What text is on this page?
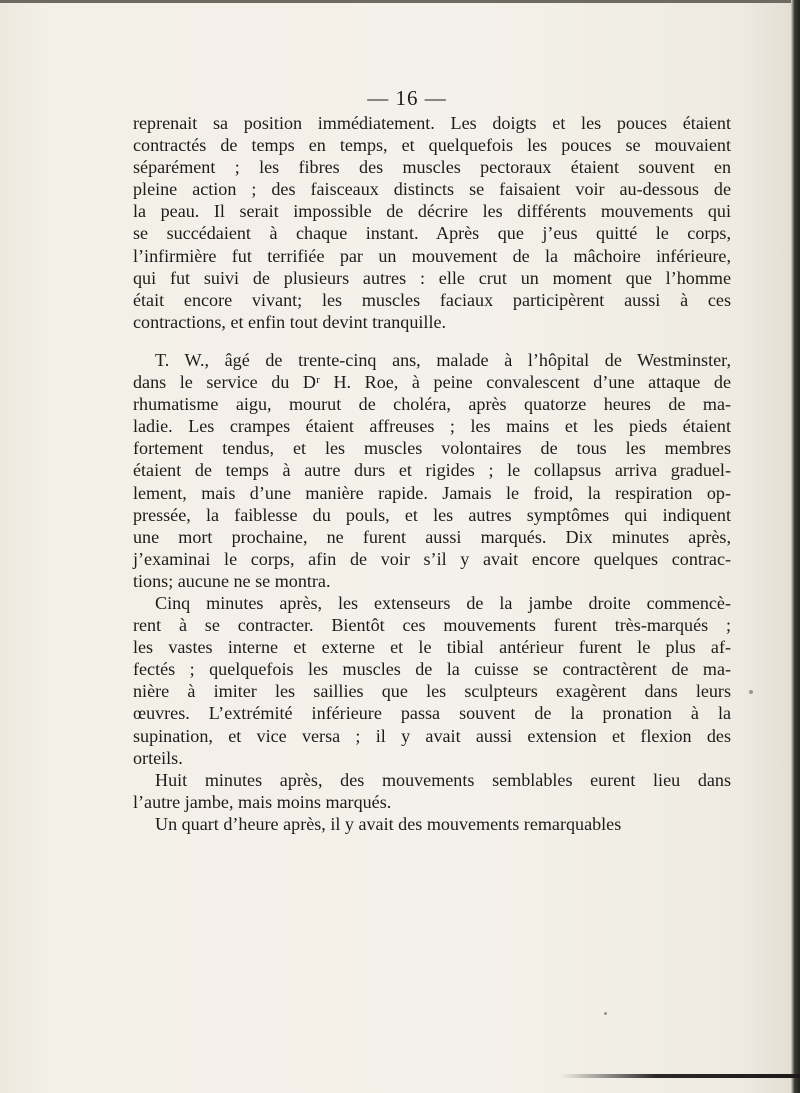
— 16 —
reprenait sa position immédiatement. Les doigts et les pouces étaient
contractés de temps en temps, et quelquefois les pouces se mouvaient
séparément ; les fibres des muscles pectoraux étaient souvent en
pleine action ; des faisceaux distincts se faisaient voir au-dessous de
la peau. Il serait impossible de décrire les différents mouvements qui
se succédaient à chaque instant. Après que j’eus quitté le corps,
l’infirmière fut terrifiée par un mouvement de la mâchoire inférieure,
qui fut suivi de plusieurs autres : elle crut un moment que l’homme
était encore vivant; les muscles faciaux participèrent aussi à ces
contractions, et enfin tout devint tranquille.
T. W., âgé de trente-cinq ans, malade à l’hôpital de Westminster,
dans le service du Dʳ H. Roe, à peine convalescent d’une attaque de
rhumatisme aigu, mourut de choléra, après quatorze heures de ma-
ladie. Les crampes étaient affreuses ; les mains et les pieds étaient
fortement tendus, et les muscles volontaires de tous les membres
étaient de temps à autre durs et rigides ; le collapsus arriva graduel-
lement, mais d’une manière rapide. Jamais le froid, la respiration op-
pressée, la faiblesse du pouls, et les autres symptômes qui indiquent
une mort prochaine, ne furent aussi marqués. Dix minutes après,
j’examinai le corps, afin de voir s’il y avait encore quelques contrac-
tions; aucune ne se montra.
Cinq minutes après, les extenseurs de la jambe droite commencè-
rent à se contracter. Bientôt ces mouvements furent très-marqués ;
les vastes interne et externe et le tibial antérieur furent le plus af-
fectés ; quelquefois les muscles de la cuisse se contractèrent de ma-
nière à imiter les saillies que les sculpteurs exagèrent dans leurs
œuvres. L’extrémité inférieure passa souvent de la pronation à la
supination, et vice versa ; il y avait aussi extension et flexion des
orteils.
Huit minutes après, des mouvements semblables eurent lieu dans
l’autre jambe, mais moins marqués.
Un quart d’heure après, il y avait des mouvements remarquables
